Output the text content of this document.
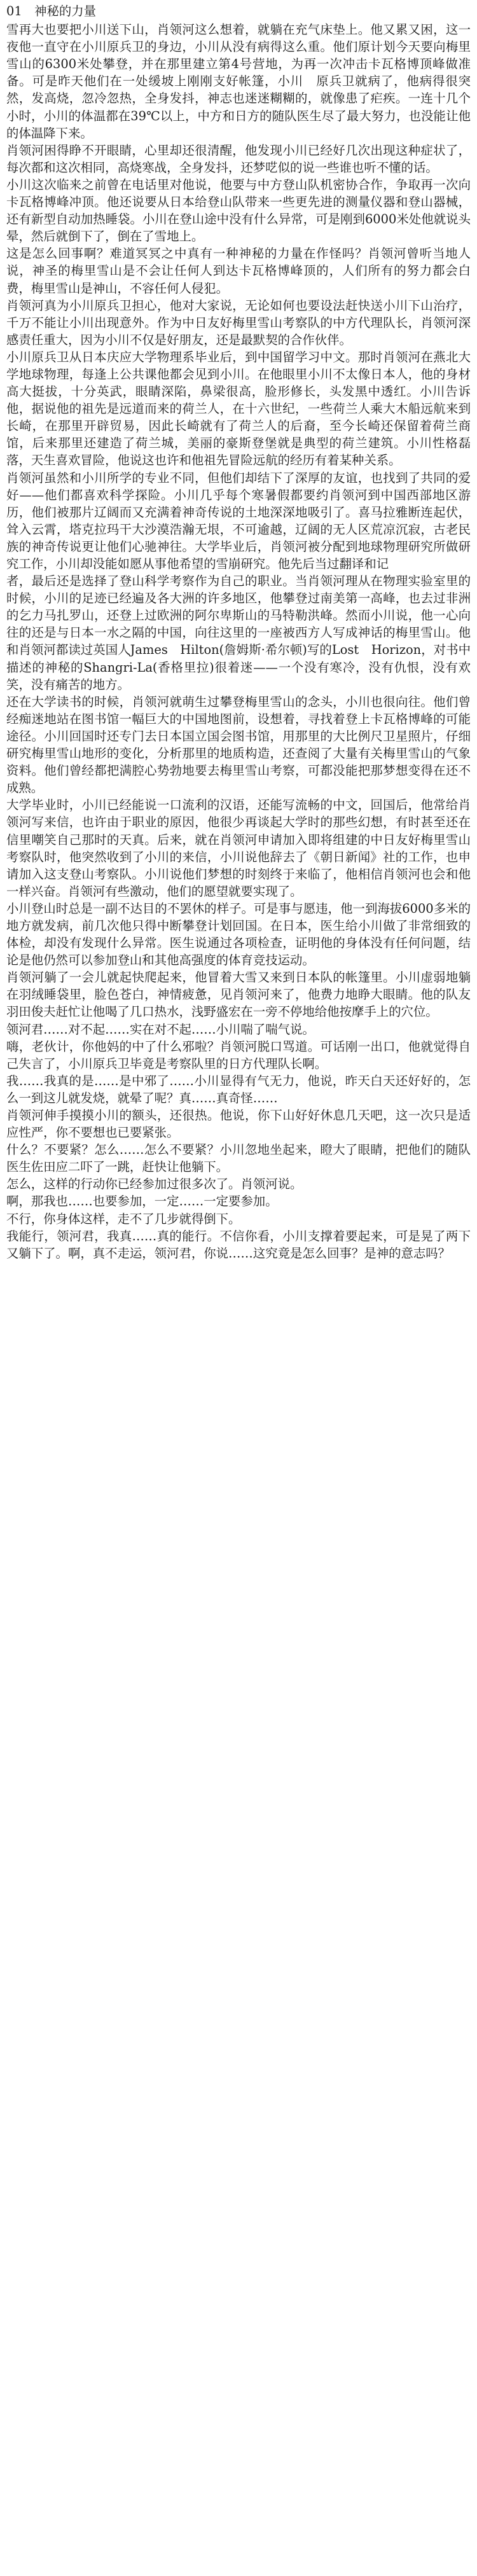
01　神秘的力量

雪再大也要把小川送下山，肖领河这么想着，就躺在充气床垫上。他又累又困，这一夜他一直守在小川原兵卫的身边，小川从没有病得这么重。他们原计划今天要向梅里雪山的6300米处攀登，并在那里建立第4号营地，为再一次冲击卡瓦格博顶峰做准备。可是昨天他们在一处缓坡上刚刚支好帐篷，小川　原兵卫就病了，他病得很突然，发高烧，忽冷忽热，全身发抖，神志也迷迷糊糊的，就像患了疟疾。一连十几个小时，小川的体温都在39℃以上，中方和日方的随队医生尽了最大努力，也没能让他的体温降下来。

肖领河困得睁不开眼睛，心里却还很清醒，他发现小川已经好几次出现这种症状了，每次都和这次相同，高烧寒战，全身发抖，还梦呓似的说一些谁也听不懂的话。

小川这次临来之前曾在电话里对他说，他要与中方登山队机密协合作，争取再一次向卡瓦格博峰冲顶。他还说要从日本给登山队带来一些更先进的测量仪器和登山器械，还有新型自动加热睡袋。小川在登山途中没有什么异常，可是刚到6000米处他就说头晕，然后就倒下了，倒在了雪地上。

这是怎么回事啊？难道冥冥之中真有一种神秘的力量在作怪吗？肖领河曾听当地人说，神圣的梅里雪山是不会让任何人到达卡瓦格博峰顶的，人们所有的努力都会白费，梅里雪山是神山，不容任何人侵犯。

肖领河真为小川原兵卫担心，他对大家说，无论如何也要设法赶快送小川下山治疗，千万不能让小川出现意外。作为中日友好梅里雪山考察队的中方代理队长，肖领河深感责任重大，因为小川不仅是好朋友，还是最默契的合作伙伴。

小川原兵卫从日本庆应大学物理系毕业后，到中国留学习中文。那时肖领河在燕北大学地球物理，每逢上公共课他都会见到小川。在他眼里小川不太像日本人，他的身材高大挺拔，十分英武，眼睛深陷，鼻梁很高，脸形修长，头发黑中透红。小川告诉他，据说他的祖先是远道而来的荷兰人，在十六世纪，一些荷兰人乘大木船远航来到长崎，在那里开辟贸易，因此长崎就有了荷兰人的后裔，至今长崎还保留着荷兰商馆，后来那里还建造了荷兰城，美丽的豪斯登堡就是典型的荷兰建筑。小川性格磊落，天生喜欢冒险，他说这也许和他祖先冒险远航的经历有着某种关系。

肖领河虽然和小川所学的专业不同，但他们却结下了深厚的友谊，也找到了共同的爱好——他们都喜欢科学探险。小川几乎每个寒暑假都要约肖领河到中国西部地区游历，他们被那片辽阔而又充满着神奇传说的土地深深地吸引了。喜马拉雅断连起伏，耸入云霄，塔克拉玛干大沙漠浩瀚无垠，不可逾越，辽阔的无人区荒凉沉寂，古老民族的神奇传说更让他们心驰神往。大学毕业后，肖领河被分配到地球物理研究所做研究工作，小川却没能如愿从事他希望的雪崩研究。他先后当过翻译和记

者，最后还是选择了登山科学考察作为自己的职业。当肖领河理从在物理实验室里的时候，小川的足迹已经遍及各大洲的许多地区，他攀登过南美第一高峰，也去过非洲的乞力马扎罗山，还登上过欧洲的阿尔卑斯山的马特勒洪峰。然而小川说，他一心向往的还是与日本一水之隔的中国，向往这里的一座被西方人写成神话的梅里雪山。他和肖领河都读过英国人James　Hilton(詹姆斯·希尔顿)写的Lost　Horizon，对书中描述的神秘的Shangri-La(香格里拉)很着迷——一个没有寒冷，没有仇恨，没有欢笑，没有痛苦的地方。

还在大学读书的时候，肖领河就萌生过攀登梅里雪山的念头，小川也很向往。他们曾经痴迷地站在图书馆一幅巨大的中国地图前，设想着，寻找着登上卡瓦格博峰的可能途径。小川回国时还专门去日本国立国会图书馆，用那里的大比例尺卫星照片，仔细研究梅里雪山地形的变化，分析那里的地质构造，还查阅了大量有关梅里雪山的气象资料。他们曾经都把满腔心势勃地要去梅里雪山考察，可都没能把那梦想变得在还不成熟。

大学毕业时，小川已经能说一口流利的汉语，还能写流畅的中文，回国后，他常给肖领河写来信，也许由于职业的原因，他很少再谈起大学时的那些幻想，有时甚至还在信里嘲笑自己那时的天真。后来，就在肖领河申请加入即将组建的中日友好梅里雪山考察队时，他突然收到了小川的来信，小川说他辞去了《朝日新闻》社的工作，也申请加入这支登山考察队。小川说他们梦想的时刻终于来临了，他相信肖领河也会和他一样兴奋。肖领河有些激动，他们的愿望就要实现了。

小川登山时总是一副不达目的不罢休的样子。可是事与愿违，他一到海拔6000多米的地方就发病，前几次他只得中断攀登计划回国。在日本，医生给小川做了非常细致的体检，却没有发现什么异常。医生说通过各项检查，证明他的身体没有任何问题，结论是他仍然可以参加登山和其他高强度的体育竞技运动。

肖领河躺了一会儿就起快爬起来，他冒着大雪又来到日本队的帐篷里。小川虚弱地躺在羽绒睡袋里，脸色苍白，神情疲惫，见肖领河来了，他费力地睁大眼睛。他的队友羽田俊夫赶忙让他喝了几口热水，浅野盛宏在一旁不停地给他按摩手上的穴位。

领河君……对不起……实在对不起……小川喘了喘气说。

嗨，老伙计，你他妈的中了什么邪啦？肖领河脱口骂道。可话刚一出口，他就觉得自己失言了，小川原兵卫毕竟是考察队里的日方代理队长啊。

我……我真的是……是中邪了……小川显得有气无力，他说，昨天白天还好好的，怎么一到这儿就发烧，就晕了呢？真……真奇怪……

肖领河伸手摸摸小川的额头，还很热。他说，你下山好好休息几天吧，这一次只是适应性严，你不要想也已要紧张。

什么？不要紧？怎么……怎么不要紧？小川忽地坐起来，瞪大了眼睛，把他们的随队医生佐田应二吓了一跳，赶快让他躺下。

怎么，这样的行动你已经参加过很多次了。肖领河说。

啊，那我也……也要参加，一定……一定要参加。

不行，你身体这样，走不了几步就得倒下。

我能行，领河君，我真……真的能行。不信你看，小川支撑着要起来，可是晃了两下又躺下了。啊，真不走运，领河君，你说……这究竟是怎么回事？是神的意志吗？
